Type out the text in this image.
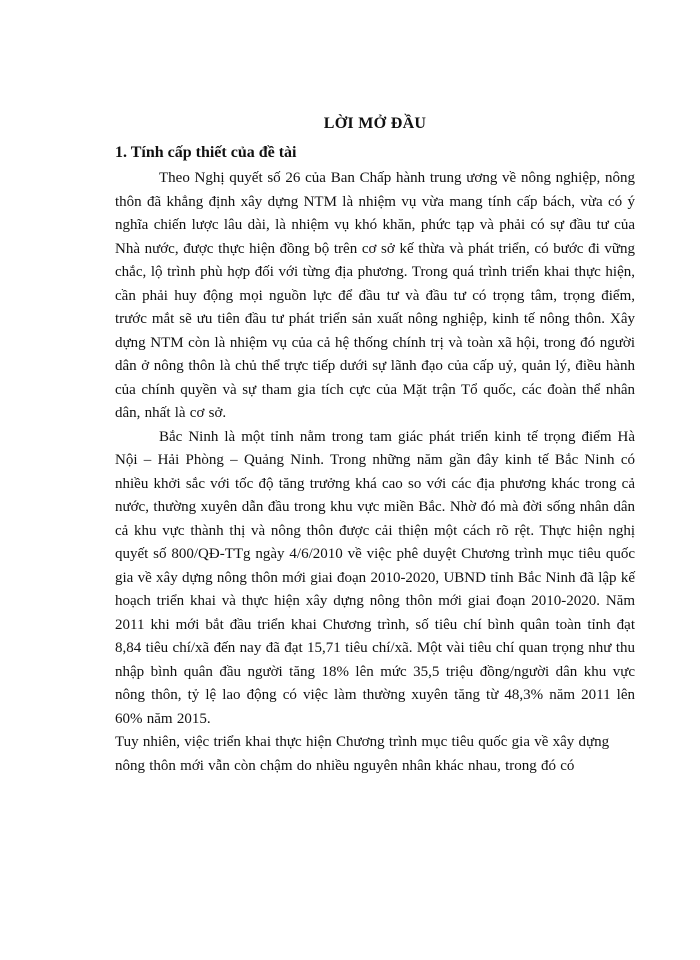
LỜI MỞ ĐẦU
1. Tính cấp thiết của đề tài

Theo Nghị quyết số 26 của Ban Chấp hành trung ương về nông nghiệp, nông thôn đã khẳng định xây dựng NTM là nhiệm vụ vừa mang tính cấp bách, vừa có ý nghĩa chiến lược lâu dài, là nhiệm vụ khó khăn, phức tạp và phải có sự đầu tư của Nhà nước, được thực hiện đồng bộ trên cơ sở kế thừa và phát triển, có bước đi vững chắc, lộ trình phù hợp đối với từng địa phương. Trong quá trình triển khai thực hiện, cần phải huy động mọi nguồn lực để đầu tư và đầu tư có trọng tâm, trọng điểm, trước mắt sẽ ưu tiên đầu tư phát triển sản xuất nông nghiệp, kinh tế nông thôn. Xây dựng NTM còn là nhiệm vụ của cả hệ thống chính trị và toàn xã hội, trong đó người dân ở nông thôn là chủ thể trực tiếp dưới sự lãnh đạo của cấp uỷ, quản lý, điều hành của chính quyền và sự tham gia tích cực của Mặt trận Tổ quốc, các đoàn thể nhân dân, nhất là cơ sở.

Bắc Ninh là một tỉnh nằm trong tam giác phát triển kinh tế trọng điểm Hà Nội – Hải Phòng – Quảng Ninh. Trong những năm gần đây kinh tế Bắc Ninh có nhiều khởi sắc với tốc độ tăng trưởng khá cao so với các địa phương khác trong cả nước, thường xuyên dẫn đầu trong khu vực miền Bắc. Nhờ đó mà đời sống nhân dân cả khu vực thành thị và nông thôn được cải thiện một cách rõ rệt. Thực hiện nghị quyết số 800/QĐ-TTg ngày 4/6/2010 về việc phê duyệt Chương trình mục tiêu quốc gia về xây dựng nông thôn mới giai đoạn 2010-2020, UBND tỉnh Bắc Ninh đã lập kế hoạch triển khai và thực hiện xây dựng nông thôn mới giai đoạn 2010-2020. Năm 2011 khi mới bắt đầu triển khai Chương trình, số tiêu chí bình quân toàn tỉnh đạt 8,84 tiêu chí/xã đến nay đã đạt 15,71 tiêu chí/xã. Một vài tiêu chí quan trọng như thu nhập bình quân đầu người tăng 18% lên mức 35,5 triệu đồng/người dân khu vực nông thôn, tỷ lệ lao động có việc làm thường xuyên tăng từ 48,3% năm 2011 lên 60% năm 2015.

Tuy nhiên, việc triển khai thực hiện Chương trình mục tiêu quốc gia về xây dựng nông thôn mới vẫn còn chậm do nhiều nguyên nhân khác nhau, trong đó có
